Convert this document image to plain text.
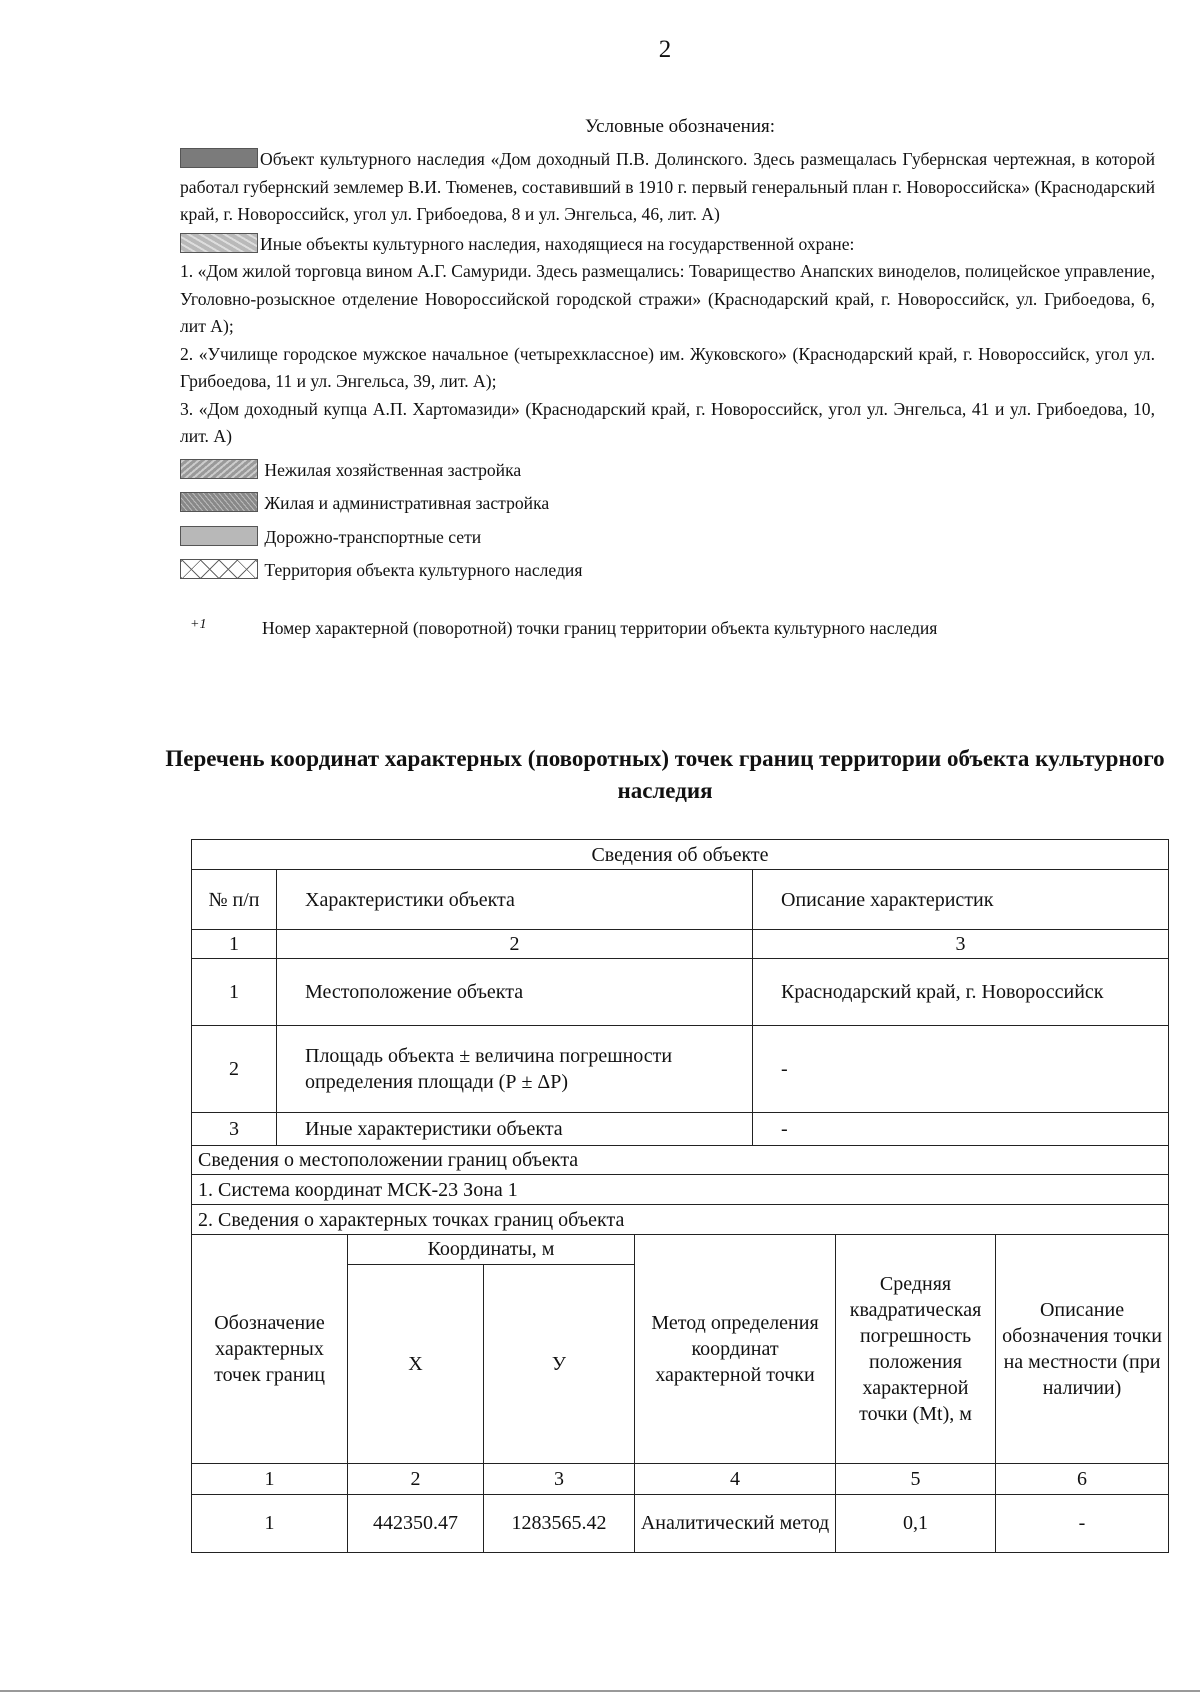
2
Условные обозначения:

Объект культурного наследия «Дом доходный П.В. Долинского. Здесь размещалась Губернская чертежная, в которой работал губернский землемер В.И. Тюменев, составивший в 1910 г. первый генеральный план г. Новороссийска» (Краснодарский край, г. Новороссийск, угол ул. Грибоедова, 8 и ул. Энгельса, 46, лит. А)

Иные объекты культурного наследия, находящиеся на государственной охране:

1. «Дом жилой торговца вином А.Г. Самуриди. Здесь размещались: Товарищество Анапских виноделов, полицейское управление, Уголовно-розыскное отделение Новороссийской городской стражи» (Краснодарский край, г. Новороссийск, ул. Грибоедова, 6, лит А);

2. «Училище городское мужское начальное (четырехклассное) им. Жуковского» (Краснодарский край, г. Новороссийск, угол ул. Грибоедова, 11 и ул. Энгельса, 39, лит. А);

3. «Дом доходный купца А.П. Хартомазиди» (Краснодарский край, г. Новороссийск, угол ул. Энгельса, 41 и ул. Грибоедова, 10, лит. А)

Нежилая хозяйственная застройка
Жилая и административная застройка
Дорожно-транспортные сети
Территория объекта культурного наследия
+1	Номер характерной (поворотной) точки границ территории объекта культурного наследия
Перечень координат характерных (поворотных) точек границ территории объекта культурного наследия
Сведения об объекте		
№ п/п	Характеристики объекта	Описание характеристик
1	2	3
1	Местоположение объекта	Краснодарский край, г. Новороссийск
2	Площадь объекта ± величина погрешности определения площади (Р ± ΔР)	-
3	Иные характеристики объекта	-
Сведения о местоположении границ объекта		
1. Система координат МСК-23 Зона 1		
2. Сведения о характерных точках границ объекта		
Обозначение характерных точек границ	Координаты, м		Метод определения координат характерной точки	Средняя квадратическая погрешность положения характерной точки (Mt), м	Описание обозначения точки на местности (при наличии)
	X	У			
1	2	3	4	5	6
1	442350.47	1283565.42	Аналитический метод	0,1	-
